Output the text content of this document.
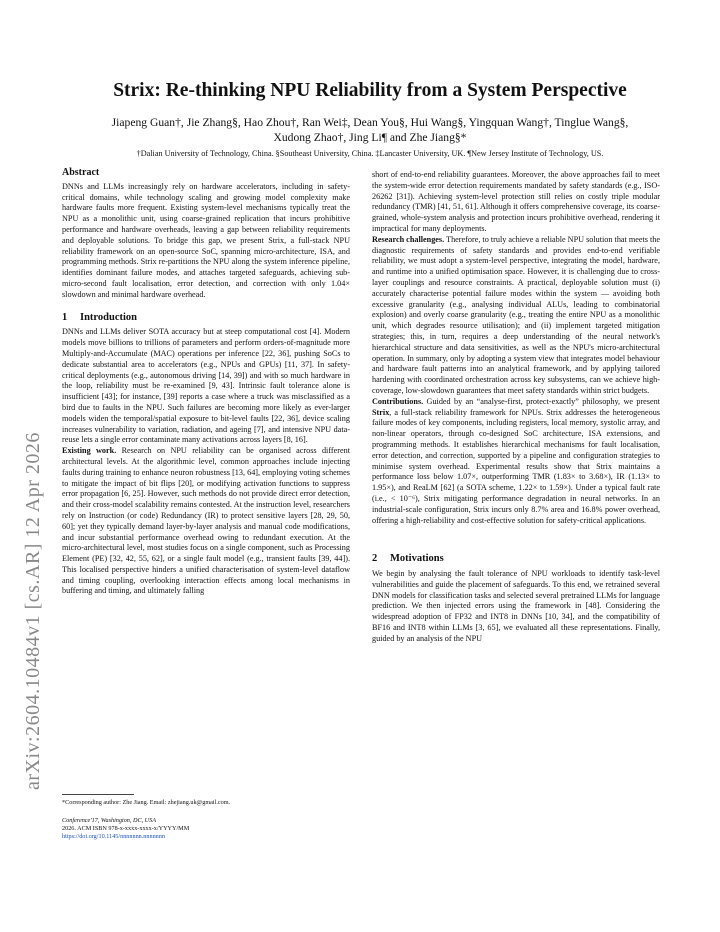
arXiv:2604.10484v1 [cs.AR] 12 Apr 2026
Strix: Re-thinking NPU Reliability from a System Perspective
Jiapeng Guan†, Jie Zhang§, Hao Zhou†, Ran Wei‡, Dean You§, Hui Wang§, Yingquan Wang†, Tinglue Wang§,
Xudong Zhao†, Jing Li¶ and Zhe Jiang§*
†Dalian University of Technology, China. §Southeast University, China. ‡Lancaster University, UK. ¶New Jersey Institute of Technology, US.
Abstract

DNNs and LLMs increasingly rely on hardware accelerators, including in safety-critical domains, while technology scaling and growing model complexity make hardware faults more frequent. Existing system-level mechanisms typically treat the NPU as a monolithic unit, using coarse-grained replication that incurs prohibitive performance and hardware overheads, leaving a gap between reliability requirements and deployable solutions. To bridge this gap, we present Strix, a full-stack NPU reliability framework on an open-source SoC, spanning micro-architecture, ISA, and programming methods. Strix re-partitions the NPU along the system inference pipeline, identifies dominant failure modes, and attaches targeted safeguards, achieving sub-micro-second fault localisation, error detection, and correction with only 1.04× slowdown and minimal hardware overhead.

1 Introduction

DNNs and LLMs deliver SOTA accuracy but at steep computational cost [4]. Modern models move billions to trillions of parameters and perform orders-of-magnitude more Multiply-and-Accumulate (MAC) operations per inference [22, 36], pushing SoCs to dedicate substantial area to accelerators (e.g., NPUs and GPUs) [11, 37]. In safety-critical deployments (e.g., autonomous driving [14, 39]) and with so much hardware in the loop, reliability must be re-examined [9, 43]. Intrinsic fault tolerance alone is insufficient [43]; for instance, [39] reports a case where a truck was misclassified as a bird due to faults in the NPU. Such failures are becoming more likely as ever-larger models widen the temporal/spatial exposure to bit-level faults [22, 36], device scaling increases vulnerability to variation, radiation, and ageing [7], and intensive NPU data-reuse lets a single error contaminate many activations across layers [8, 16].

Existing work. Research on NPU reliability can be organised across different architectural levels. At the algorithmic level, common approaches include injecting faults during training to enhance neuron robustness [13, 64], employing voting schemes to mitigate the impact of bit flips [20], or modifying activation functions to suppress error propagation [6, 25]. However, such methods do not provide direct error detection, and their cross-model scalability remains contested. At the instruction level, researchers rely on Instruction (or code) Redundancy (IR) to protect sensitive layers [28, 29, 50, 60]; yet they typically demand layer-by-layer analysis and manual code modifications, and incur substantial performance overhead owing to redundant execution. At the micro-architectural level, most studies focus on a single component, such as Processing Element (PE) [32, 42, 55, 62], or a single fault model (e.g., transient faults [39, 44]). This localised perspective hinders a unified characterisation of system-level dataflow and timing coupling, overlooking interaction effects among local mechanisms in buffering and timing, and ultimately falling

short of end-to-end reliability guarantees. Moreover, the above approaches fail to meet the system-wide error detection requirements mandated by safety standards (e.g., ISO-26262 [31]). Achieving system-level protection still relies on costly triple modular redundancy (TMR) [41, 51, 61]. Although it offers comprehensive coverage, its coarse-grained, whole-system analysis and protection incurs prohibitive overhead, rendering it impractical for many deployments.

Research challenges. Therefore, to truly achieve a reliable NPU solution that meets the diagnostic requirements of safety standards and provides end-to-end verifiable reliability, we must adopt a system-level perspective, integrating the model, hardware, and runtime into a unified optimisation space. However, it is challenging due to cross-layer couplings and resource constraints. A practical, deployable solution must (i) accurately characterise potential failure modes within the system — avoiding both excessive granularity (e.g., analysing individual ALUs, leading to combinatorial explosion) and overly coarse granularity (e.g., treating the entire NPU as a monolithic unit, which degrades resource utilisation); and (ii) implement targeted mitigation strategies; this, in turn, requires a deep understanding of the neural network's hierarchical structure and data sensitivities, as well as the NPU's micro-architectural operation. In summary, only by adopting a system view that integrates model behaviour and hardware fault patterns into an analytical framework, and by applying tailored hardening with coordinated orchestration across key subsystems, can we achieve high-coverage, low-slowdown guarantees that meet safety standards within strict budgets.

Contributions. Guided by an “analyse-first, protect-exactly” philosophy, we present Strix, a full-stack reliability framework for NPUs. Strix addresses the heterogeneous failure modes of key components, including registers, local memory, systolic array, and non-linear operators, through co-designed SoC architecture, ISA extensions, and programming methods. It establishes hierarchical mechanisms for fault localisation, error detection, and correction, supported by a pipeline and configuration strategies to minimise system overhead. Experimental results show that Strix maintains a performance loss below 1.07×, outperforming TMR (1.83× to 3.68×), IR (1.13× to 1.95×), and ReaLM [62] (a SOTA scheme, 1.22× to 1.59×). Under a typical fault rate (i.e., < 10⁻⁶), Strix mitigating performance degradation in neural networks. In an industrial-scale configuration, Strix incurs only 8.7% area and 16.8% power overhead, offering a high-reliability and cost-effective solution for safety-critical applications.

2 Motivations

We begin by analysing the fault tolerance of NPU workloads to identify task-level vulnerabilities and guide the placement of safeguards. To this end, we retrained several DNN models for classification tasks and selected several pretrained LLMs for language prediction. We then injected errors using the framework in [48]. Considering the widespread adoption of FP32 and INT8 in DNNs [10, 34], and the compatibility of BF16 and INT8 within LLMs [3, 65], we evaluated all these representations. Finally, guided by an analysis of the NPU

*Corresponding author: Zhe Jiang. Email: zhejiang.uk@gmail.com.
Conference'17, Washington, DC, USA
2026. ACM ISBN 978-x-xxxx-xxxx-x/YYYY/MM
https://doi.org/10.1145/nnnnnnn.nnnnnnn
